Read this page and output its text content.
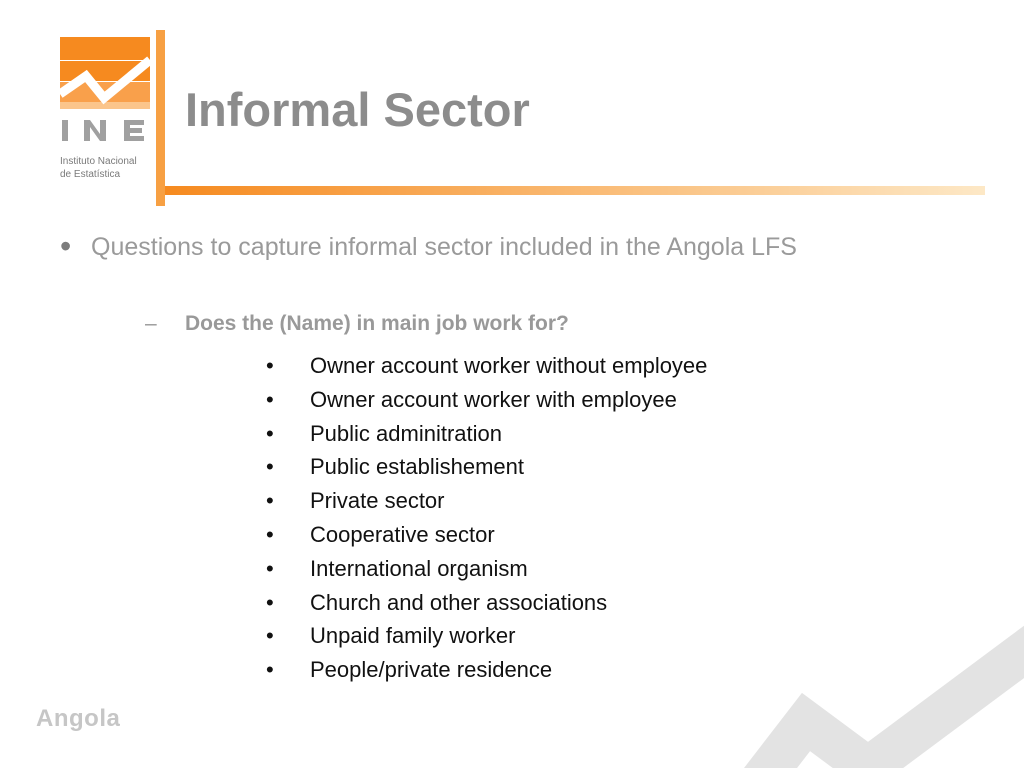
Instituto Nacional
de Estatística
Informal Sector
• Questions to capture informal sector included in the Angola LFS
– Does the (Name) in main job work for?
• Owner account worker without employee
• Owner account worker with employee
• Public adminitration
• Public establishement
• Private sector
• Cooperative sector
• International organism
• Church and other associations
• Unpaid family worker
• People/private residence
Angola
